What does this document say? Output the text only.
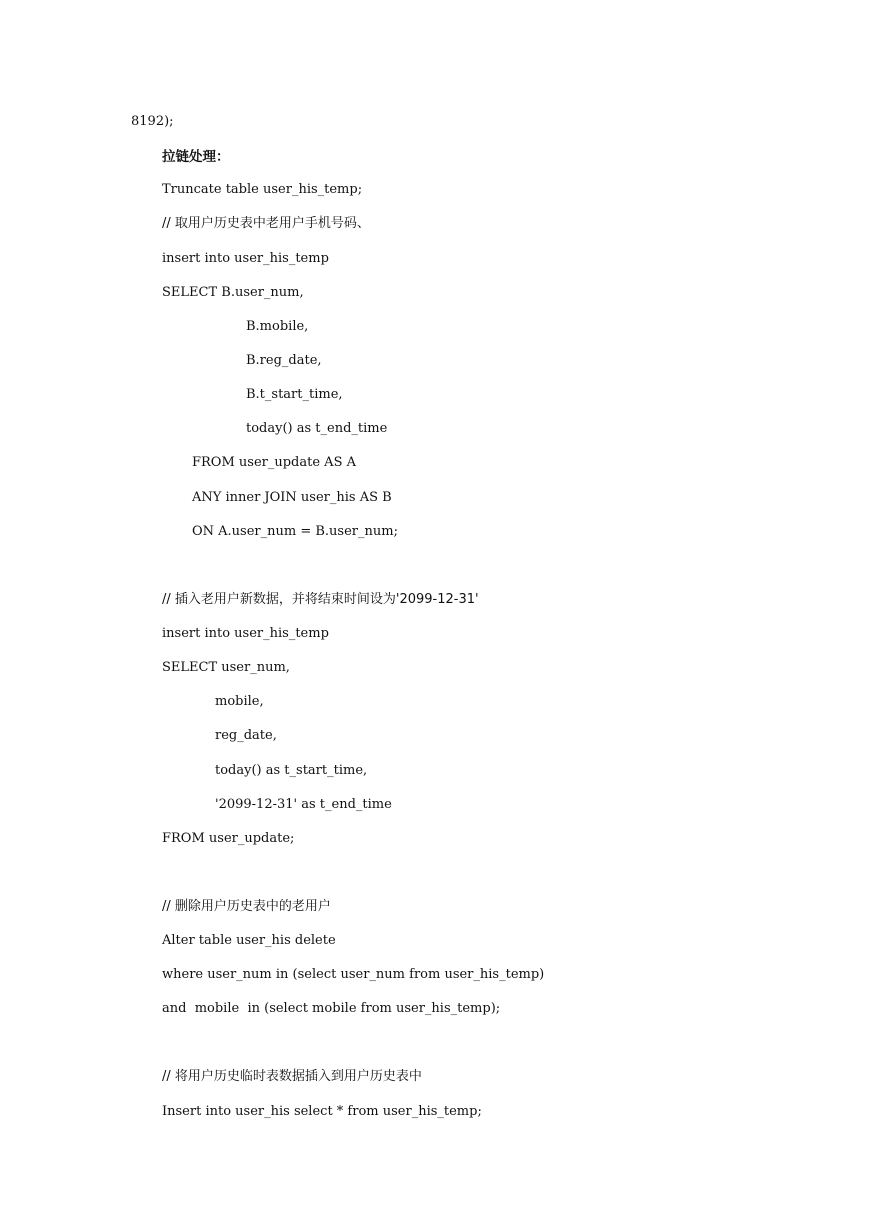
8192);
拉链处理：
Truncate table user_his_temp;
// 取用户历史表中老用户手机号码、
insert into user_his_temp
SELECT B.user_num,
B.mobile,
B.reg_date,
B.t_start_time,
today() as t_end_time
FROM user_update AS A
ANY inner JOIN user_his AS B
ON A.user_num = B.user_num;
// 插入老用户新数据，并将结束时间设为'2099-12-31'
insert into user_his_temp
SELECT user_num,
mobile,
reg_date,
today() as t_start_time,
'2099-12-31' as t_end_time
FROM user_update;
// 删除用户历史表中的老用户
Alter table user_his delete
where user_num in (select user_num from user_his_temp)
and  mobile  in (select mobile from user_his_temp);
// 将用户历史临时表数据插入到用户历史表中
Insert into user_his select * from user_his_temp;
